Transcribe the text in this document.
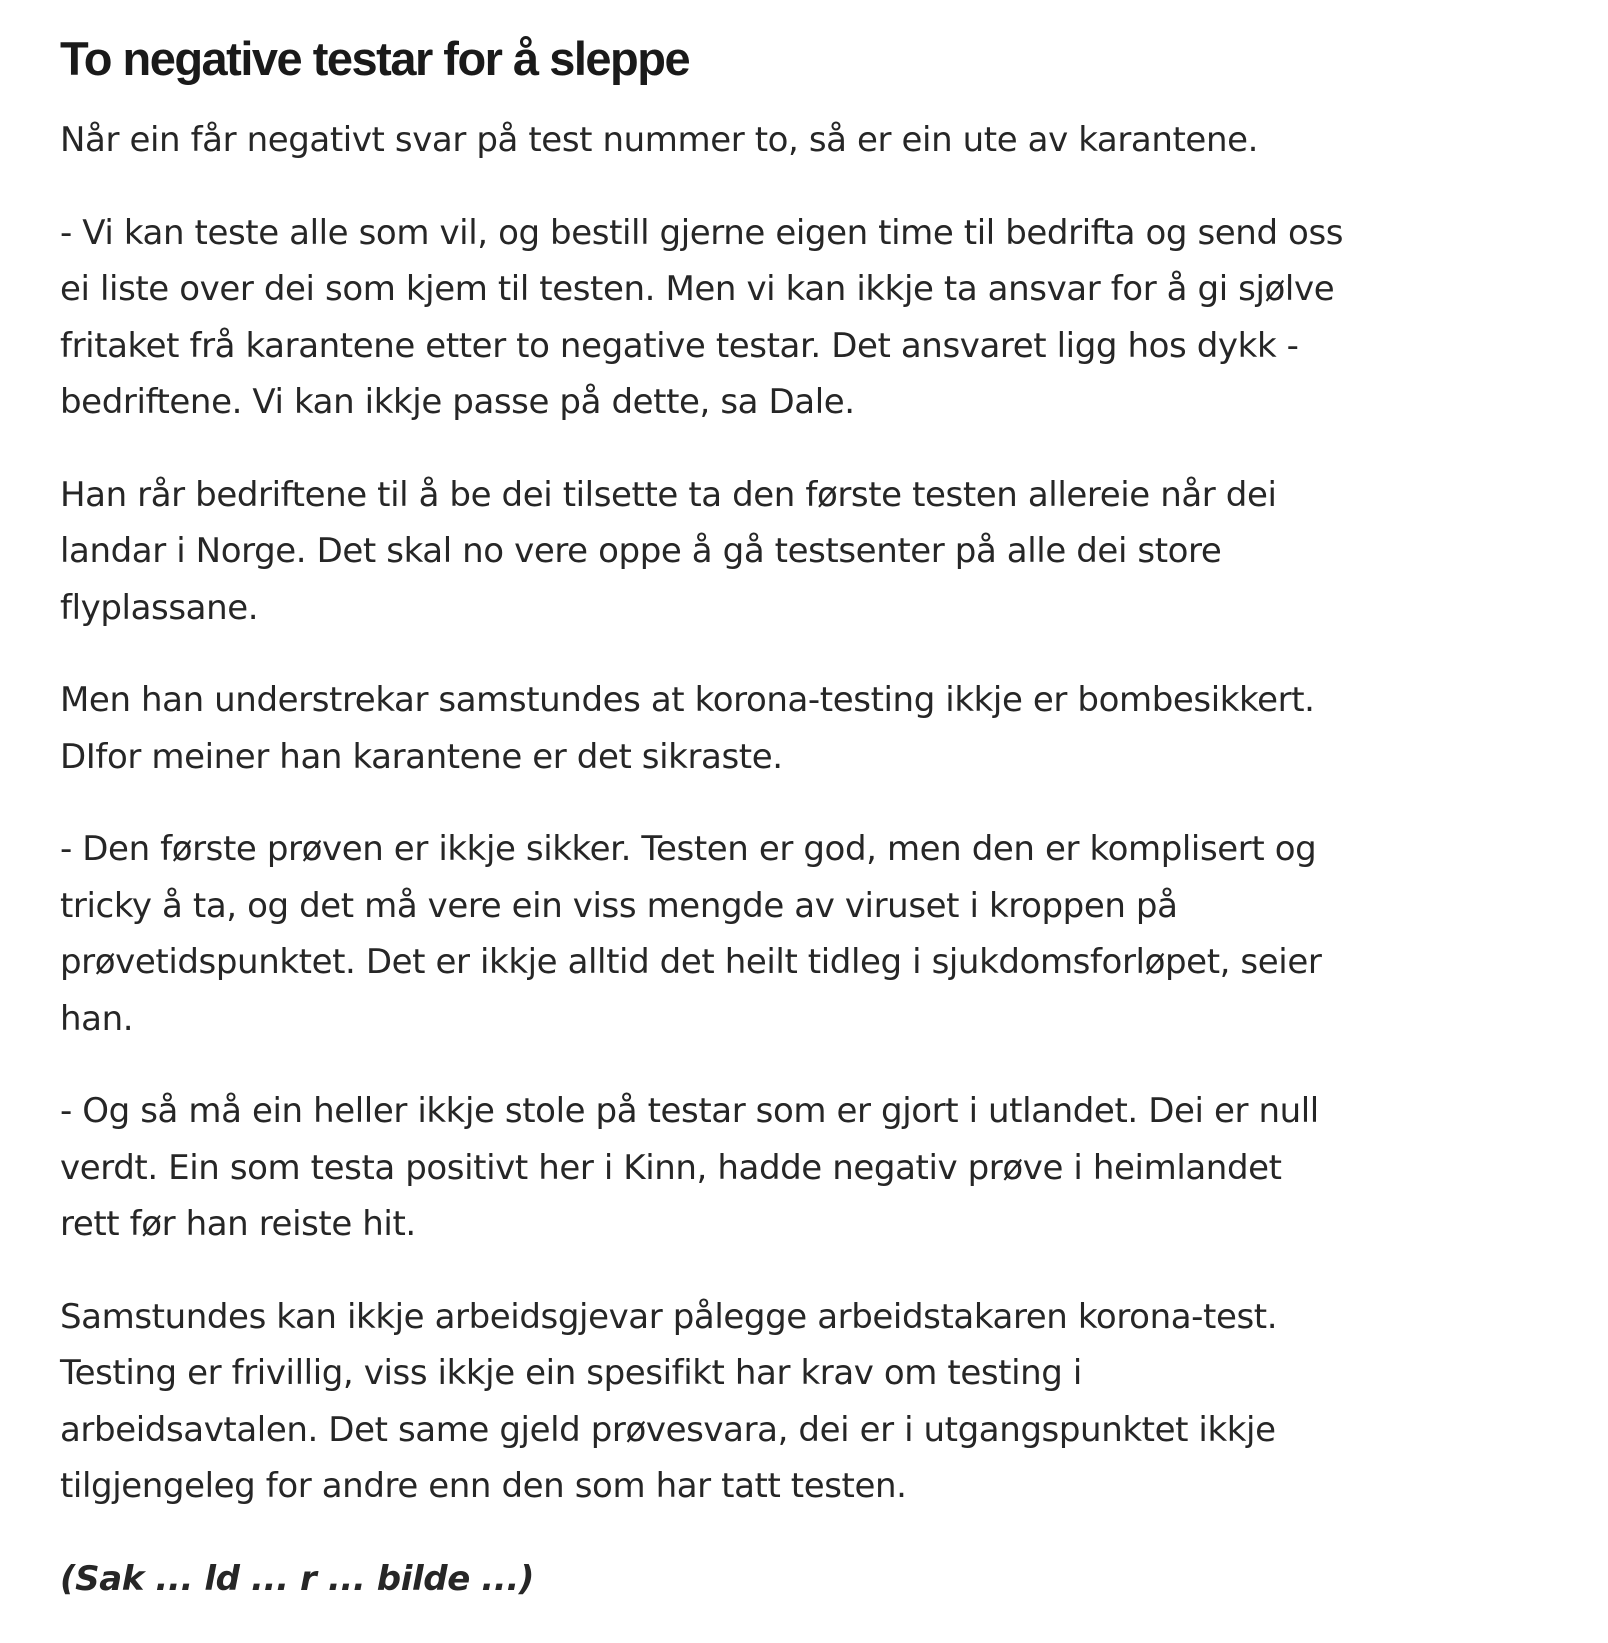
To negative testar for å sleppe

Når ein får negativt svar på test nummer to, så er ein ute av karantene.

- Vi kan teste alle som vil, og bestill gjerne eigen time til bedrifta og send oss ei liste over dei som kjem til testen. Men vi kan ikkje ta ansvar for å gi sjølve fritaket frå karantene etter to negative testar. Det ansvaret ligg hos dykk - bedriftene. Vi kan ikkje passe på dette, sa Dale.

Han rår bedriftene til å be dei tilsette ta den første testen allereie når dei landar i Norge. Det skal no vere oppe å gå testsenter på alle dei store flyplassane.

Men han understrekar samstundes at korona-testing ikkje er bombesikkert. DIfor meiner han karantene er det sikraste.

- Den første prøven er ikkje sikker. Testen er god, men den er komplisert og tricky å ta, og det må vere ein viss mengde av viruset i kroppen på prøvetidspunktet. Det er ikkje alltid det heilt tidleg i sjukdomsforløpet, seier han.

- Og så må ein heller ikkje stole på testar som er gjort i utlandet. Dei er null verdt. Ein som testa positivt her i Kinn, hadde negativ prøve i heimlandet rett før han reiste hit.

Samstundes kan ikkje arbeidsgjevar pålegge arbeidstakaren korona-test. Testing er frivillig, viss ikkje ein spesifikt har krav om testing i arbeidsavtalen. Det same gjeld prøvesvara, dei er i utgangspunktet ikkje tilgjengeleg for andre enn den som har tatt testen.

(Sak ... ld ... r ... bilde ...)
